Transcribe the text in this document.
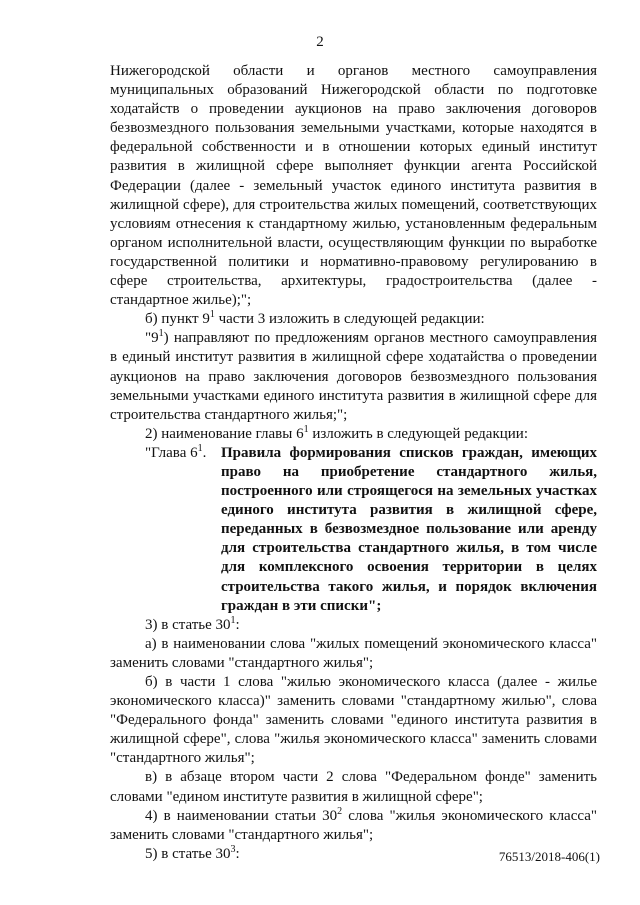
2

Нижегородской области и органов местного самоуправления муниципальных образований Нижегородской области по подготовке ходатайств о проведении аукционов на право заключения договоров безвозмездного пользования земельными участками, которые находятся в федеральной собственности и в отношении которых единый институт развития в жилищной сфере выполняет функции агента Российской Федерации (далее - земельный участок единого института развития в жилищной сфере), для строительства жилых помещений, соответствующих условиям отнесения к стандартному жилью, установленным федеральным органом исполнительной власти, осуществляющим функции по выработке государственной политики и нормативно-правовому регулированию в сфере строительства, архитектуры, градостроительства (далее - стандартное жилье);";

б) пункт $9^1$ части 3 изложить в следующей редакции:

"$9^1$) направляют по предложениям органов местного самоуправления в единый институт развития в жилищной сфере ходатайства о проведении аукционов на право заключения договоров безвозмездного пользования земельными участками единого института развития в жилищной сфере для строительства стандартного жилья;";

2) наименование главы $6^1$ изложить в следующей редакции:

"Глава $6^1$. Правила формирования списков граждан, имеющих право на приобретение стандартного жилья, построенного или строящегося на земельных участках единого института развития в жилищной сфере, переданных в безвозмездное пользование или аренду для строительства стандартного жилья, в том числе для комплексного освоения территории в целях строительства такого жилья, и порядок включения граждан в эти списки";

3) в статье $30^1$:

а) в наименовании слова "жилых помещений экономического класса" заменить словами "стандартного жилья";

б) в части 1 слова "жилью экономического класса (далее - жилье экономического класса)" заменить словами "стандартному жилью", слова "Федерального фонда" заменить словами "единого института развития в жилищной сфере", слова "жилья экономического класса" заменить словами "стандартного жилья";

в) в абзаце втором части 2 слова "Федеральном фонде" заменить словами "едином институте развития в жилищной сфере";

4) в наименовании статьи $30^2$ слова "жилья экономического класса" заменить словами "стандартного жилья";

5) в статье $30^3$:	76513/2018-406(1)
